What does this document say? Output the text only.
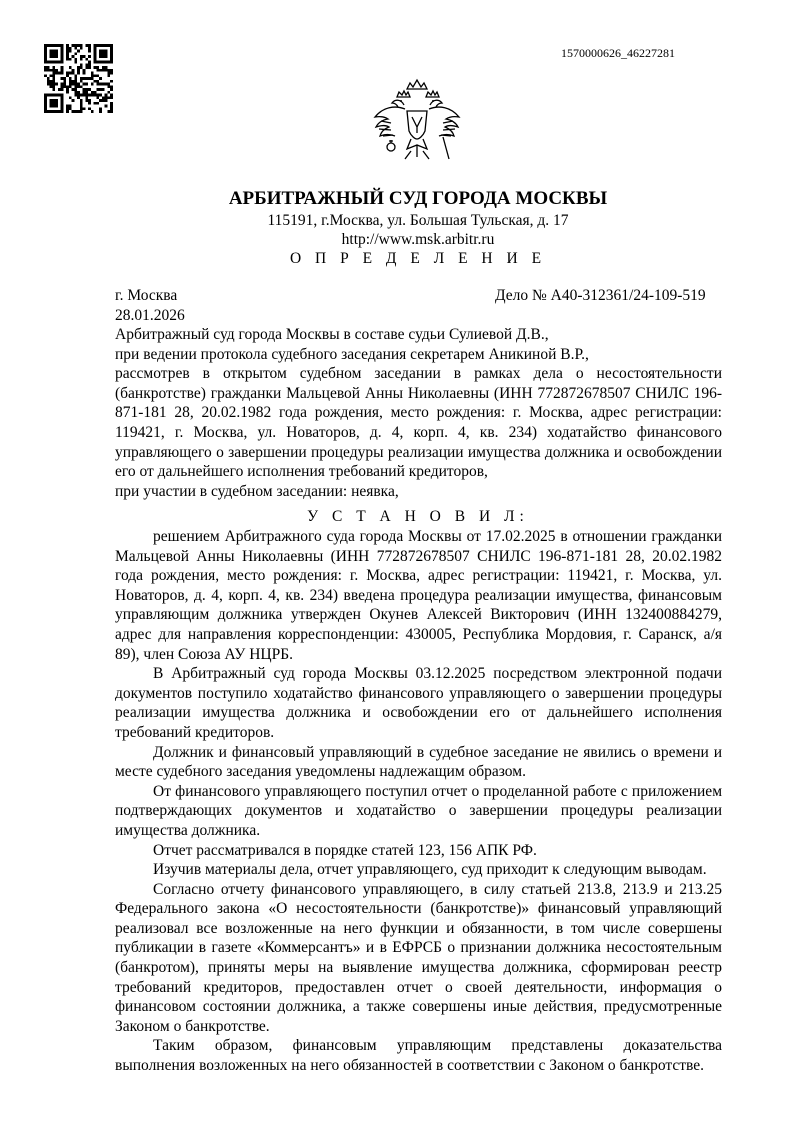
1570000626_46227281
АРБИТРАЖНЫЙ СУД ГОРОДА МОСКВЫ
115191, г.Москва, ул. Большая Тульская, д. 17
http://www.msk.arbitr.ru
О П Р Е Д Е Л Е Н И Е
г. Москва	Дело № А40-312361/24-109-519
28.01.2026

Арбитражный суд города Москвы в составе судьи Сулиевой Д.В.,

при ведении протокола судебного заседания секретарем Аникиной В.Р.,

рассмотрев в открытом судебном заседании в рамках дела о несостоятельности (банкротстве) гражданки Мальцевой Анны Николаевны (ИНН 772872678507 СНИЛС 196-871-181 28, 20.02.1982 года рождения, место рождения: г. Москва, адрес регистрации: 119421, г. Москва, ул. Новаторов, д. 4, корп. 4, кв. 234) ходатайство финансового управляющего о завершении процедуры реализации имущества должника и освобождении его от дальнейшего исполнения требований кредиторов,

при участии в судебном заседании: неявка,

У С Т А Н О В И Л:

решением Арбитражного суда города Москвы от 17.02.2025 в отношении гражданки Мальцевой Анны Николаевны (ИНН 772872678507 СНИЛС 196-871-181 28, 20.02.1982 года рождения, место рождения: г. Москва, адрес регистрации: 119421, г. Москва, ул. Новаторов, д. 4, корп. 4, кв. 234) введена процедура реализации имущества, финансовым управляющим должника утвержден Окунев Алексей Викторович (ИНН 132400884279, адрес для направления корреспонденции: 430005, Республика Мордовия, г. Саранск, а/я 89), член Союза АУ НЦРБ.

В Арбитражный суд города Москвы 03.12.2025 посредством электронной подачи документов поступило ходатайство финансового управляющего о завершении процедуры реализации имущества должника и освобождении его от дальнейшего исполнения требований кредиторов.

Должник и финансовый управляющий в судебное заседание не явились о времени и месте судебного заседания уведомлены надлежащим образом.

От финансового управляющего поступил отчет о проделанной работе с приложением подтверждающих документов и ходатайство о завершении процедуры реализации имущества должника.

Отчет рассматривался в порядке статей 123, 156 АПК РФ.

Изучив материалы дела, отчет управляющего, суд приходит к следующим выводам.

Согласно отчету финансового управляющего, в силу статьей 213.8, 213.9 и 213.25 Федерального закона «О несостоятельности (банкротстве)» финансовый управляющий реализовал все возложенные на него функции и обязанности, в том числе совершены публикации в газете «Коммерсантъ» и в ЕФРСБ о признании должника несостоятельным (банкротом), приняты меры на выявление имущества должника, сформирован реестр требований кредиторов, предоставлен отчет о своей деятельности, информация о финансовом состоянии должника, а также совершены иные действия, предусмотренные Законом о банкротстве.

Таким образом, финансовым управляющим представлены доказательства выполнения возложенных на него обязанностей в соответствии с Законом о банкротстве.
